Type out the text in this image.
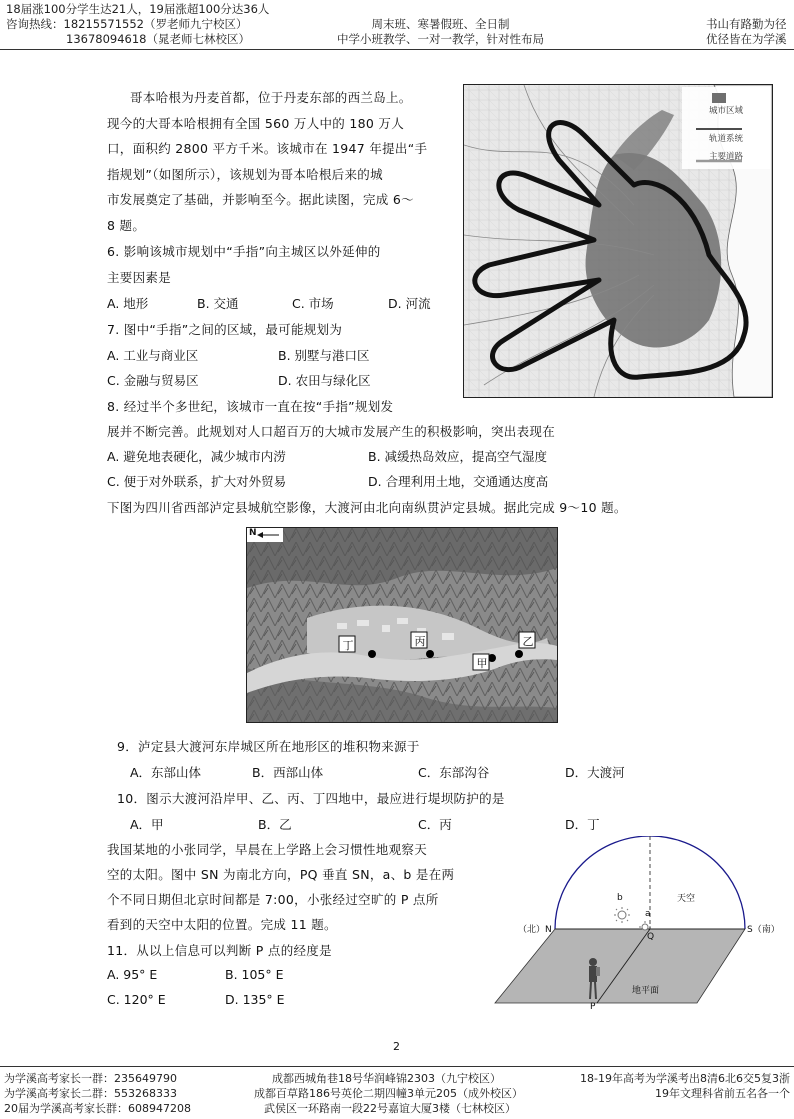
18届涨100分学生达21人，19届涨超100分达36人
咨询热线：18215571552（罗老师九宁校区）
13678094618（晁老师七林校区）
周末班、寒暑假班、全日制
中学小班教学、一对一教学，针对性布局
书山有路勤为径
优径皆在为学溪
哥本哈根为丹麦首都，位于丹麦东部的西兰岛上。
现今的大哥本哈根拥有全国 560 万人中的 180 万人
口，面积约 2800 平方千米。该城市在 1947 年提出“手
指规划”（如图所示），该规划为哥本哈根后来的城
市发展奠定了基础，并影响至今。据此读图，完成 6～
8 题。
6. 影响该城市规划中“手指”向主城区以外延伸的
主要因素是
A. 地形	B. 交通	C. 市场	D. 河流
7. 图中“手指”之间的区域，最可能规划为
A. 工业与商业区	B. 别墅与港口区
C. 金融与贸易区	D. 农田与绿化区
8. 经过半个多世纪，该城市一直在按“手指”规划发
展并不断完善。此规划对人口超百万的大城市发展产生的积极影响，突出表现在
A. 避免地表硬化，减少城市内涝	B. 减缓热岛效应，提高空气湿度
C. 便于对外联系，扩大对外贸易	D. 合理利用土地，交通通达度高
下图为四川省西部泸定县城航空影像，大渡河由北向南纵贯泸定县城。据此完成 9～10 题。
城市区域
轨道系统
主要道路
N
丁	丙
甲
乙
9．泸定县大渡河东岸城区所在地形区的堆积物来源于
A．东部山体	B．西部山体	C．东部沟谷	D．大渡河
10．图示大渡河沿岸甲、乙、丙、丁四地中，最应进行堤坝防护的是
A．甲	B．乙	C．丙	D．丁
我国某地的小张同学，早晨在上学路上会习惯性地观察天
空的太阳。图中 SN 为南北方向，PQ 垂直 SN，a、b 是在两
个不同日期但北京时间都是 7:00，小张经过空旷的 P 点所
看到的天空中太阳的位置。完成 11 题。
11．从以上信息可以判断 P 点的经度是
A. 95° E	B. 105° E
C. 120° E	D. 135° E
天空
地平面
（北）N	S（南）
a
b
Q
P
2
为学溪高考家长一群：235649790
为学溪高考家长二群：553268333
20届为学溪高考家长群：608947208
成都西城角巷18号华润峰锦2303（九宁校区）
成都百草路186号英伦二期四幢3单元205（成外校区）
武侯区一环路南一段22号嘉谊大厦3楼（七林校区）
18-19年高考为学溪考出8清6北6交5复3浙
19年文理科省前五名各一个
